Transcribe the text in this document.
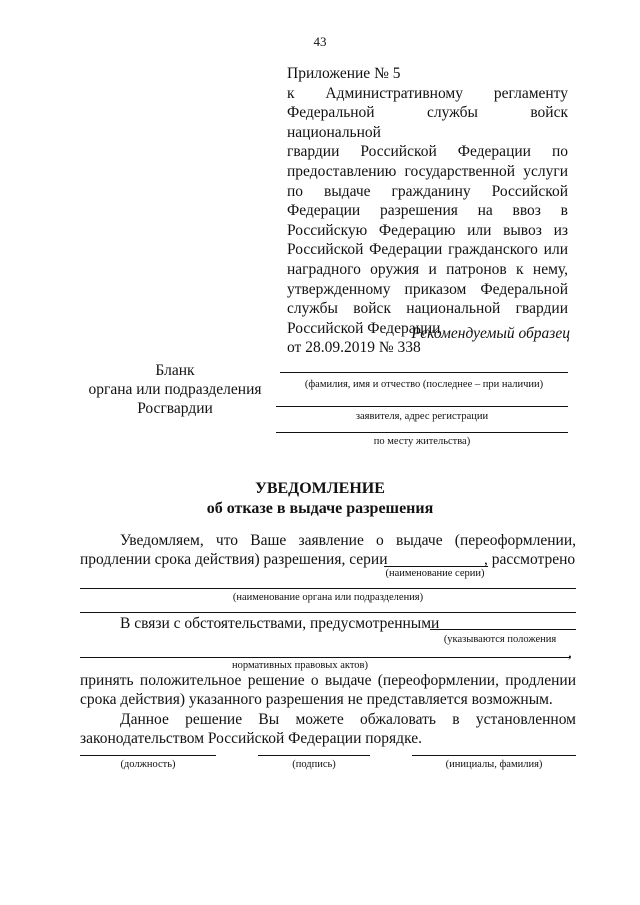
43
Приложение № 5
к Административному регламенту
Федеральной службы войск национальной
гвардии Российской Федерации по
предоставлению государственной услуги
по выдаче гражданину Российской
Федерации разрешения на ввоз в
Российскую Федерацию или вывоз из
Российской Федерации гражданского или
наградного оружия и патронов к нему,
утвержденному приказом Федеральной
службы войск национальной гвардии
Российской Федерации
от 28.09.2019 № 338
Рекомендуемый образец
Бланк
органа или подразделения
Росгвардии
(фамилия, имя и отчество (последнее – при наличии)
заявителя, адрес регистрации
по месту жительства)
УВЕДОМЛЕНИЕ
об отказе в выдаче разрешения
Уведомляем, что Ваше заявление о выдаче (переоформлении,
продлении срока действия) разрешения, серии	, рассмотрено
(наименование серии)
(наименование органа или подразделения)
В связи с обстоятельствами, предусмотренными
(указываются положения
,
нормативных правовых актов)
принять положительное решение о выдаче (переоформлении, продлении
срока действия) указанного разрешения не представляется возможным.
Данное решение Вы можете обжаловать в установленном
законодательством Российской Федерации порядке.
(должность)	(подпись)	(инициалы, фамилия)
